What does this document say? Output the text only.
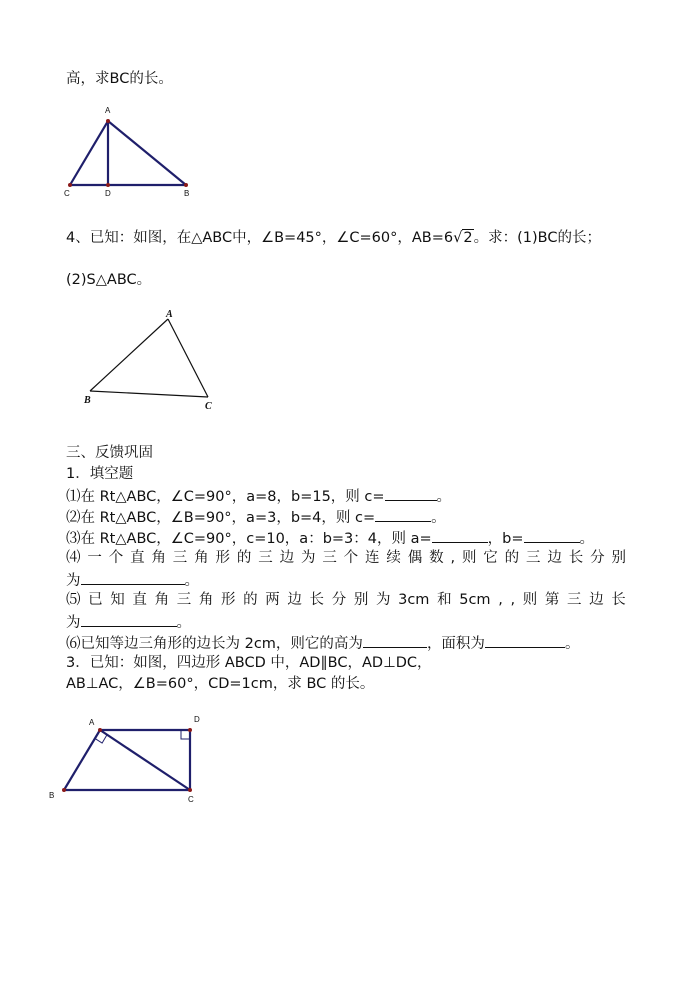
高，求BC的长。
A
C	D	B
4、已知：如图，在△ABC中，∠B=45°，∠C=60°，AB=6√2。求：(1)BC的长；
(2)S△ABC。
A
B
C
三、反馈巩固
1．填空题
⑴在 Rt△ABC，∠C=90°，a=8，b=15，则 c=	。
⑵在 Rt△ABC，∠B=90°，a=3，b=4，则 c=	。
⑶在 Rt△ABC，∠C=90°，c=10，a：b=3：4，则 a=	，b=	。
⑷ 一 个 直 角 三 角 形 的 三 边 为 三 个 连 续 偶 数 , 则 它 的 三 边 长 分 别
为	。
⑸ 已 知 直 角 三 角 形 的 两 边 长 分 别 为 3cm 和 5cm , , 则 第 三 边 长
为	。
⑹已知等边三角形的边长为 2cm，则它的高为	，面积为	。
3．已知：如图，四边形 ABCD 中，AD∥BC，AD⊥DC，
AB⊥AC，∠B=60°，CD=1cm，求 BC 的长。
A	D
B	C
